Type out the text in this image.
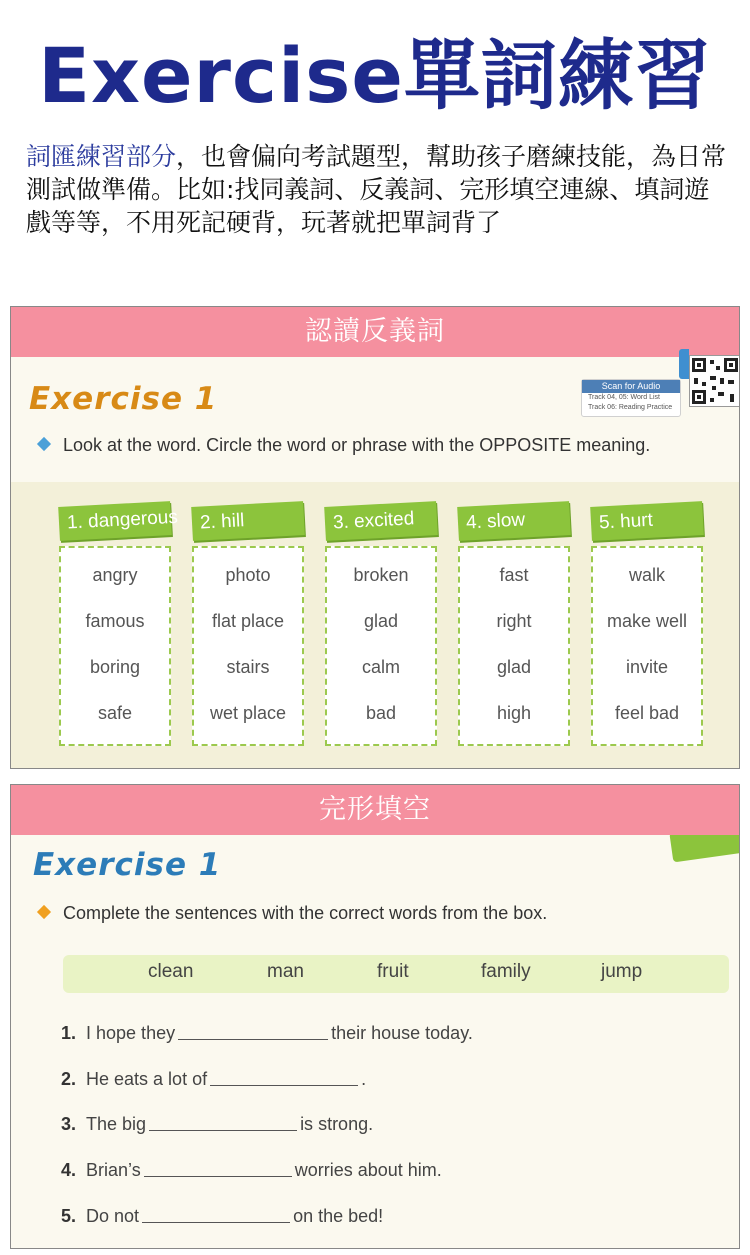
Exercise單詞練習
詞匯練習部分，也會偏向考試題型，幫助孩子磨練技能，為日常測試做準備。比如:找同義詞、反義詞、完形填空連線、填詞遊戲等等，不用死記硬背，玩著就把單詞背了
認讀反義詞
Scan for Audio
Track 04, 05: Word List
Track 06: Reading Practice
Exercise 1
Look at the word. Circle the word or phrase with the OPPOSITE meaning.
1. dangerous
angry
famous
boring
safe
2. hill
photo
flat place
stairs
wet place
3. excited
broken
glad
calm
bad
4. slow
fast
right
glad
high
5. hurt
walk
make well
invite
feel bad
完形填空
Exercise 1
Complete the sentences with the correct words from the box.
clean	man	fruit	family	jump
1. I hope they	their house today.
2. He eats a lot of	.
3. The big	is strong.
4. Brian’s	worries about him.
5. Do not	on the bed!
